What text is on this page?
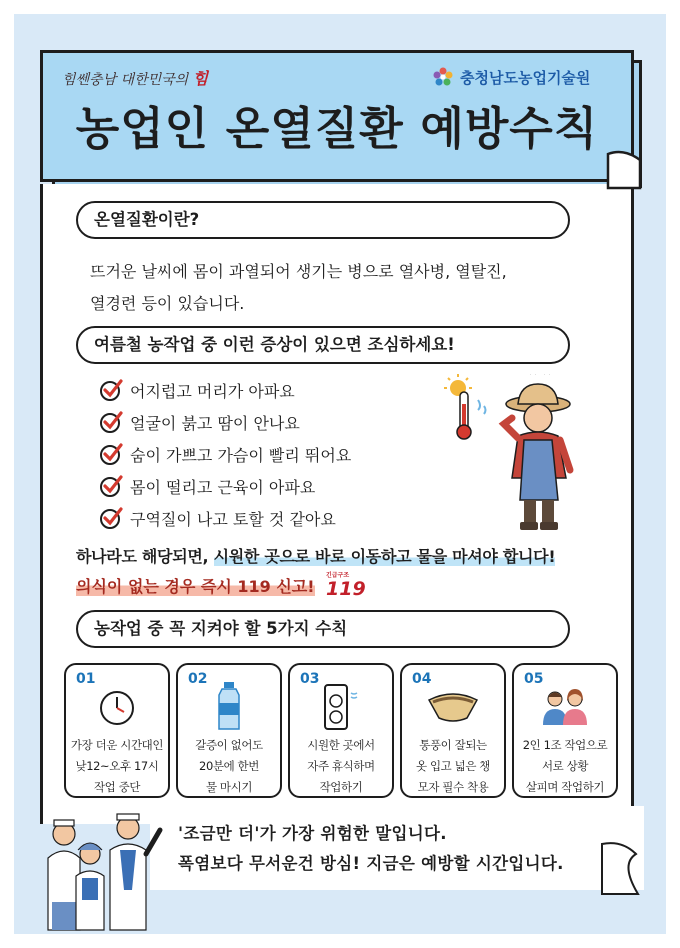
힘쎈충남 대한민국의 힘	충청남도농업기술원
농업인 온열질환 예방수칙
온열질환이란?
뜨거운 날씨에 몸이 과열되어 생기는 병으로 열사병, 열탈진,
열경련 등이 있습니다.
여름철 농작업 중 이런 증상이 있으면 조심하세요!
어지럽고 머리가 아파요
얼굴이 붉고 땀이 안나요
숨이 가쁘고 가슴이 빨리 뛰어요
몸이 떨리고 근육이 아파요
구역질이 나고 토할 것 같아요
하나라도 해당되면, 시원한 곳으로 바로 이동하고 물을 마셔야 합니다!
의식이 없는 경우 즉시 119 신고!
긴급구조
119
농작업 중 꼭 지켜야 할 5가지 수칙
01
가장 더운 시간대인
낮12~오후 17시
작업 중단
02
갈증이 없어도
20분에 한번
물 마시기
03
시원한 곳에서
자주 휴식하며
작업하기
04
통풍이 잘되는
옷 입고 넓은 챙
모자 필수 착용
05
2인 1조 작업으로
서로 상황
살피며 작업하기
'조금만 더'가 가장 위험한 말입니다.
폭염보다 무서운건 방심! 지금은 예방할 시간입니다.
